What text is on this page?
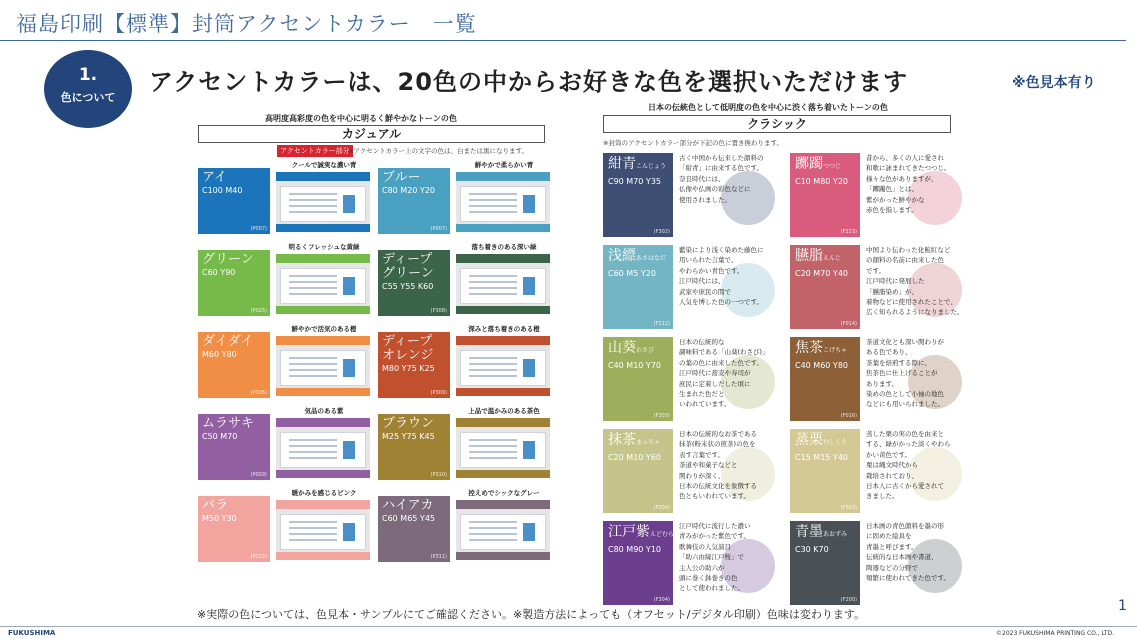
福島印刷【標準】封筒アクセントカラー　一覧
1.
色について
アクセントカラーは、20色の中からお好きな色を選択いただけます	※色見本有り
高明度高彩度の色を中心に明るく鮮やかなトーンの色
カジュアル
アクセントカラー部分
※アクセントカラー上の文字の色は、白または黒になります。
日本の伝統色として低明度の色を中心に渋く落ち着いたトーンの色
クラシック
※封筒のアクセントカラー部分が下記の色に置き換わります。
アイ
C100 M40
(P007)
クールで誠実な濃い青
ブルー
C80 M20 Y20
(P007)
鮮やかで柔らかい青
グリーン
C60 Y90
(P025)
明るくフレッシュな黄緑
ディープ
グリーン
C55 Y55 K60
(P308)
落ち着きのある深い緑
ダイダイ
M60 Y80
(P305)
鮮やかで活気のある橙
ディープ
オレンジ
M80 Y75 K25
(P309)
深みと落ち着きのある橙
ムラサキ
C50 M70
(P009)
気品のある紫
ブラウン
M25 Y75 K45
(P310)
上品で温かみのある茶色
バラ
M50 Y30
(P222)
暖かみを感じるピンク
ハイアカ
C60 M65 Y45
(P311)
控えめでシックなグレー
紺青こんじょう
C90 M70 Y35
(F302)
古く中国から伝来した顔料の
「紺青」に由来する色です。
奈良時代には、
仏像や仏画の彩色などに
使用されました。
躑躅つつじ
C10 M80 Y20
(F223)
昔から、多くの人に愛され
和歌に詠まれてきたつつじ。
様々な色がありますが、
「躑躅色」とは、
紫がかった鮮やかな
赤色を指します。
浅縹あさはなだ
C60 M5 Y20
(F212)
藍染により浅く染めた藤色に
用いられた言葉で、
やわらかい青色です。
江戸時代には、
武家や庶民の間で
人気を博した色の一つです。
臙脂えんじ
C20 M70 Y40
(F014)
中国より伝わった化粧紅など
の顔料の名前に由来した色
です。
江戸時代に発展した
「臙脂染め」が、
着物などに使用されたことで、
広く知られるようになりました。
山葵わさび
C40 M10 Y70
(F203)
日本の伝統的な
調味料である「山葵(わさび)」
の葉の色に由来した色です。
江戸時代に蕎麦や寿司が
庶民に定着しだした頃に
生まれた色だと
いわれています。
焦茶こげちゃ
C40 M60 Y80
(F016)
茶道文化とも深い関わりが
ある色であり、
茶葉を焙煎する際に、
焦茶色に仕上げることが
あります。
染めの色として小袖の地色
などにも用いられました。
抹茶まっちゃ
C20 M10 Y60
(F204)
日本の伝統的なお茶である
抹茶(粉末状の煎茶)の色を
表す言葉です。
茶道や和菓子などと
関わりが深く、
日本の伝統文化を象徴する
色ともいわれています。
蒸栗むしくり
C15 M15 Y40
(F303)
蒸した栗の実の色を由来と
する、緑がかった淡くやわら
かい黄色です。
栗は縄文時代から
栽培されており、
日本人に古くから愛されて
きました。
江戸紫えどむらさき
C80 M90 Y10
(F304)
江戸時代に流行した濃い
青みがかった紫色です。
歌舞伎の人気演目
「助六由縁江戸桜」で
主人公の助六が
頭に巻く鉢巻きの色
として使われました。
青墨あおずみ
C30 K70
(F200)
日本画の青色顔料を墨の形
に固めた絵具を
青墨と呼びます。
伝統的な日本画や書道、
陶器などの分野で
頻繁に使われてきた色です。
※実際の色については、色見本・サンプルにてご確認ください。※製造方法によっても（オフセット/デジタル印刷）色味は変わります。
1
FUKUSHIMA	©2023 FUKUSHIMA PRINTING CO., LTD.
